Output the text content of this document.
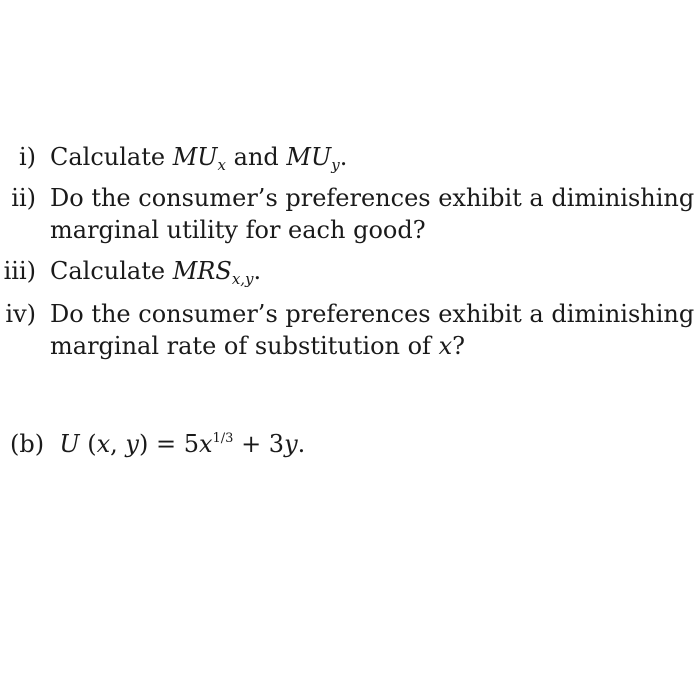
i) Calculate $MU_x$ and $MU_y$.
ii) Do the consumer’s preferences exhibit a diminishing
marginal utility for each good?
iii) Calculate $MRS_{x,y}$.
iv) Do the consumer’s preferences exhibit a diminishing
marginal rate of substitution of x?
(b) U (x, $y) = 5x^{1/3} + 3y$.
